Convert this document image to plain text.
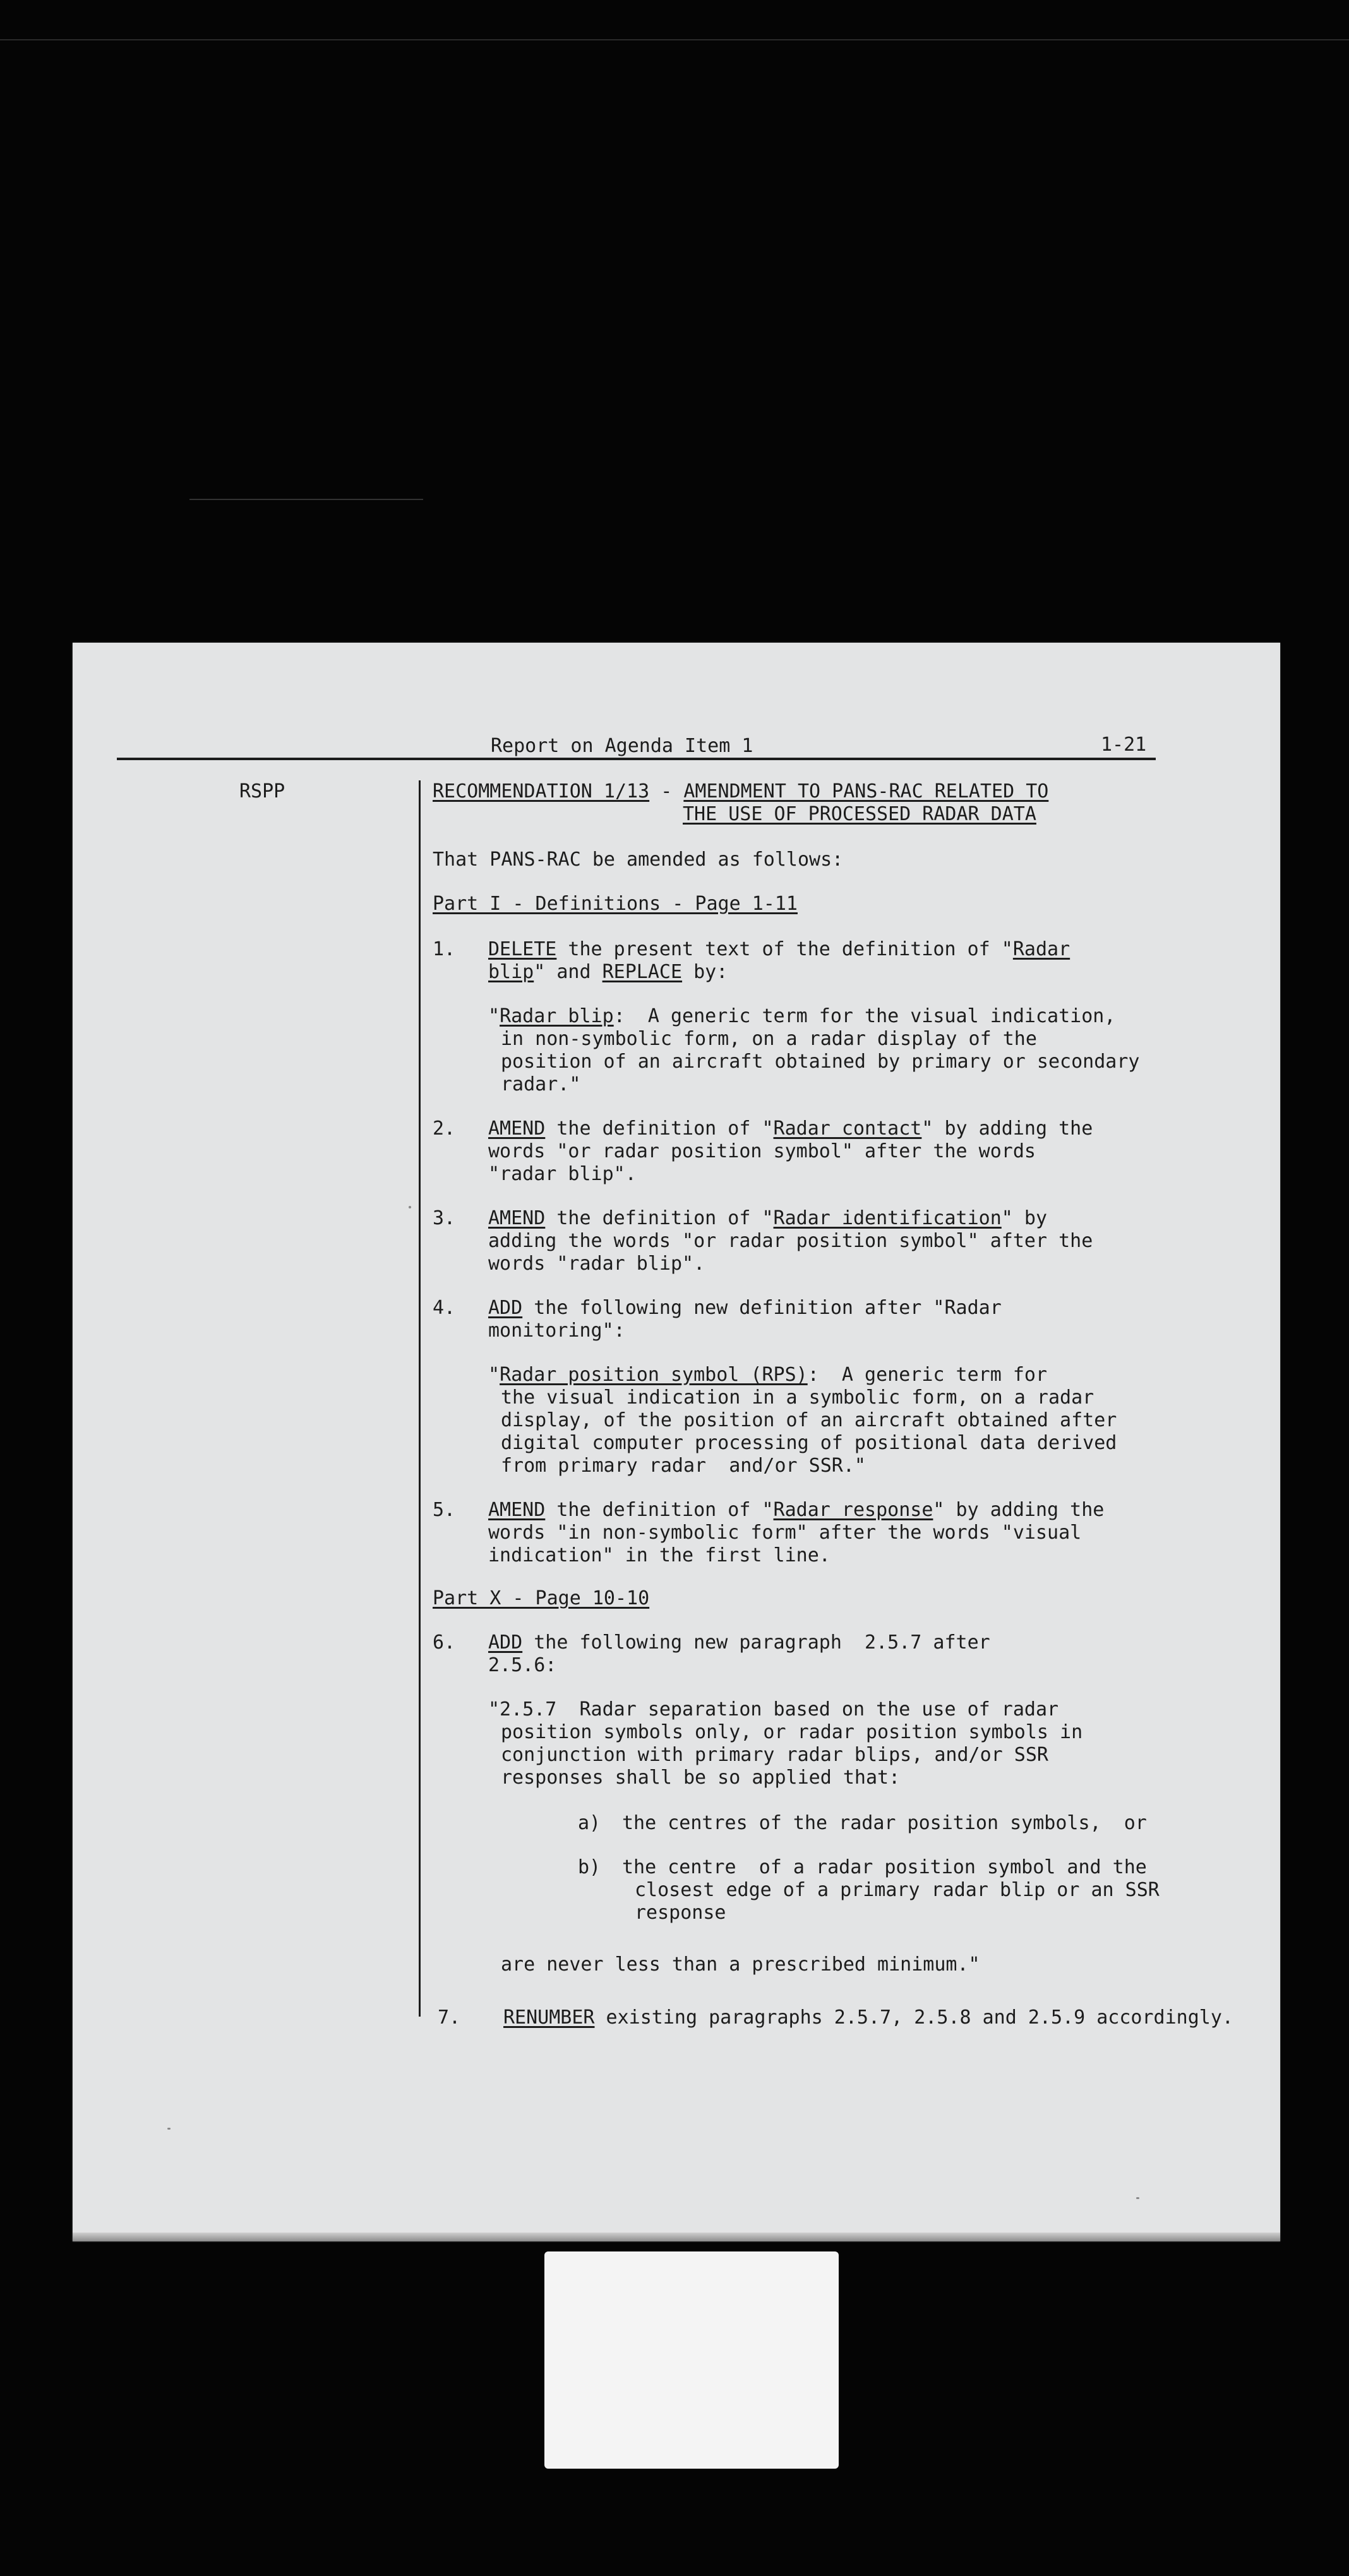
Report on Agenda Item 1	1-21
RSPP	RECOMMENDATION 1/13 - AMENDMENT TO PANS-RAC RELATED TO
THE USE OF PROCESSED RADAR DATA
That PANS-RAC be amended as follows:
Part I - Definitions - Page 1-11
1. DELETE the present text of the definition of "Radar
blip" and REPLACE by:
"Radar blip:  A generic term for the visual indication,
in non-symbolic form, on a radar display of the
position of an aircraft obtained by primary or secondary
radar."
2. AMEND the definition of "Radar contact" by adding the
words "or radar position symbol" after the words
"radar blip".
3. AMEND the definition of "Radar identification" by
adding the words "or radar position symbol" after the
words "radar blip".
4. ADD the following new definition after "Radar
monitoring":
"Radar position symbol (RPS):  A generic term for
the visual indication in a symbolic form, on a radar
display, of the position of an aircraft obtained after
digital computer processing of positional data derived
from primary radar  and/or SSR."
5. AMEND the definition of "Radar response" by adding the
words "in non-symbolic form" after the words "visual
indication" in the first line.
Part X - Page 10-10
6. ADD the following new paragraph  2.5.7 after
2.5.6:
"2.5.7  Radar separation based on the use of radar
position symbols only, or radar position symbols in
conjunction with primary radar blips, and/or SSR
responses shall be so applied that:
a) the centres of the radar position symbols,  or
b) the centre  of a radar position symbol and the
closest edge of a primary radar blip or an SSR
response
are never less than a prescribed minimum."
7. RENUMBER existing paragraphs 2.5.7, 2.5.8 and 2.5.9 accordingly.
